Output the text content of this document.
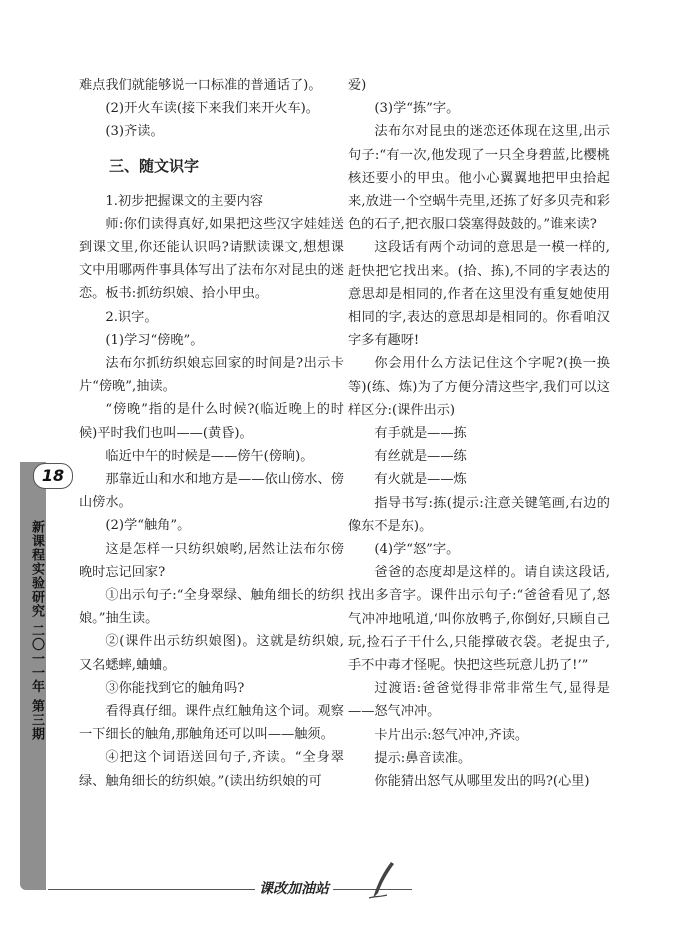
难点我们就能够说一口标准的普通话了)。

(2)开火车读(接下来我们来开火车)。

(3)齐读。

三、随文识字

1.初步把握课文的主要内容

师:你们读得真好,如果把这些汉字娃娃送到课文里,你还能认识吗?请默读课文,想想课文中用哪两件事具体写出了法布尔对昆虫的迷恋。板书:抓纺织娘、拾小甲虫。

2.识字。

(1)学习“傍晚”。

法布尔抓纺织娘忘回家的时间是?出示卡片“傍晚”,抽读。

“傍晚”指的是什么时候?(临近晚上的时候)平时我们也叫——(黄昏)。

临近中午的时候是——傍午(傍晌)。

那靠近山和水和地方是——依山傍水、傍山傍水。

(2)学“触角”。

这是怎样一只纺织娘哟,居然让法布尔傍晚时忘记回家?

①出示句子:“全身翠绿、触角细长的纺织娘。”抽生读。

②(课件出示纺织娘图)。这就是纺织娘,又名蟋蟀,蛐蛐。

③你能找到它的触角吗?

看得真仔细。课件点红触角这个词。观察一下细长的触角,那触角还可以叫——触须。

④把这个词语送回句子,齐读。“全身翠绿、触角细长的纺织娘。”(读出纺织娘的可

爱)

(3)学“拣”字。

法布尔对昆虫的迷恋还体现在这里,出示句子:“有一次,他发现了一只全身碧蓝,比樱桃核还要小的甲虫。他小心翼翼地把甲虫拾起来,放进一个空蜗牛壳里,还拣了好多贝壳和彩色的石子,把衣服口袋塞得鼓鼓的。”谁来读?

这段话有两个动词的意思是一模一样的,赶快把它找出来。(拾、拣),不同的字表达的意思却是相同的,作者在这里没有重复她使用相同的字,表达的意思却是相同的。你看咱汉字多有趣呀!

你会用什么方法记住这个字呢?(换一换等)(练、炼)为了方便分清这些字,我们可以这样区分:(课件出示)

有手就是——拣

有丝就是——练

有火就是——炼

指导书写:拣(提示:注意关键笔画,右边的像东不是东)。

(4)学“怒”字。

爸爸的态度却是这样的。请自读这段话,找出多音字。课件出示句子:“爸爸看见了,怒气冲冲地吼道,‘叫你放鸭子,你倒好,只顾自己玩,捡石子干什么,只能撑破衣袋。老捉虫子,手不中毒才怪呢。快把这些玩意儿扔了!’”

过渡语:爸爸觉得非常非常生气,显得是——怒气冲冲。

卡片出示:怒气冲冲,齐读。

提示:鼻音读准。

你能猜出怒气从哪里发出的吗?(心里)

18
新课程实验研究 二〇一一年 第三期
课改加油站
